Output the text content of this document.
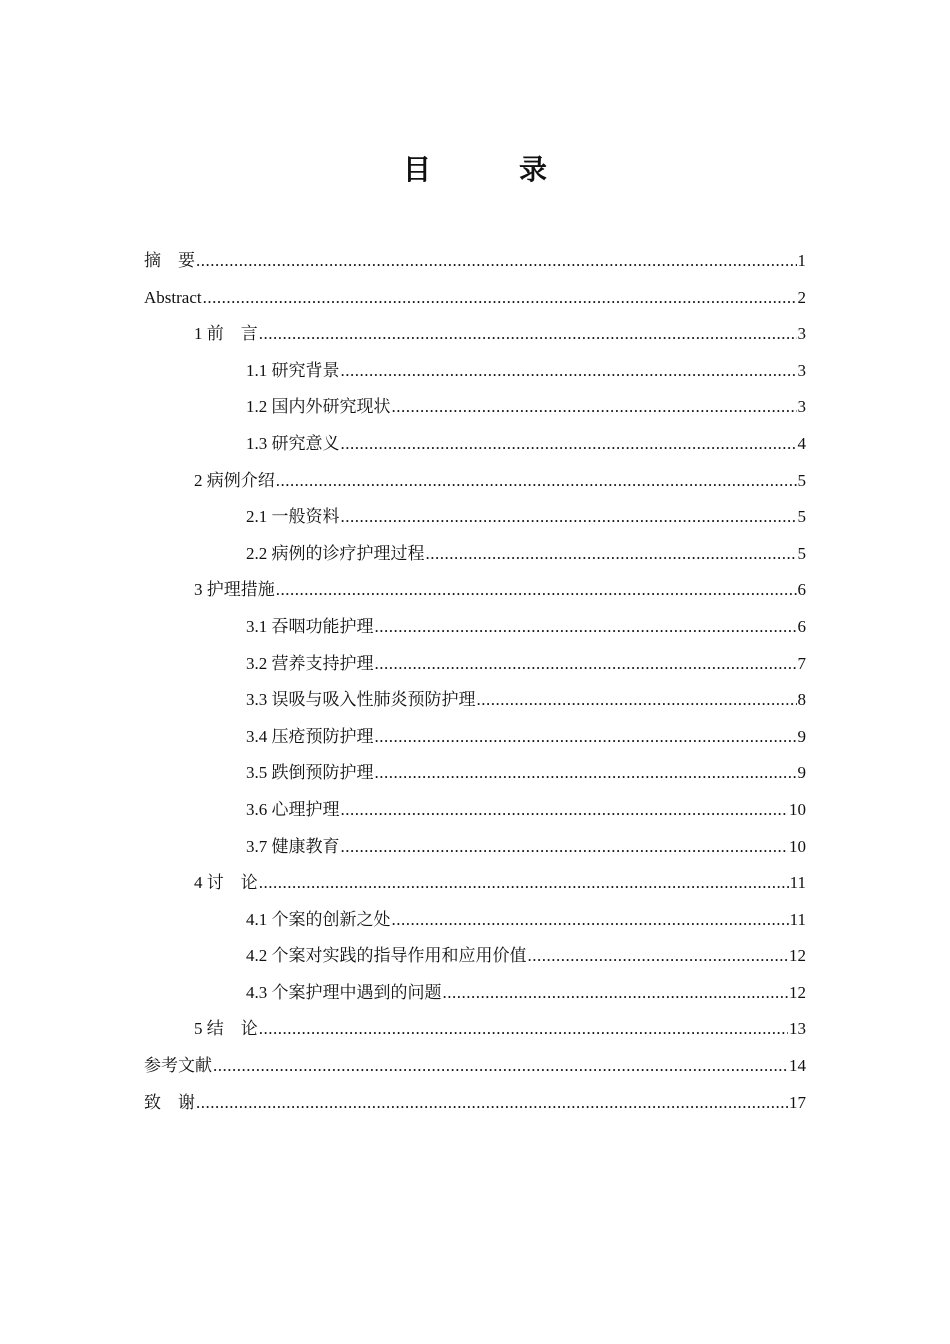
目　录
摘　要 .....	1
Abstract .....	2
1 前　言 .....	3
1.1 研究背景 .....	3
1.2 国内外研究现状 .....	3
1.3 研究意义 .....	4
2 病例介绍 .....	5
2.1 一般资料 .....	5
2.2 病例的诊疗护理过程 .....	5
3 护理措施 .....	6
3.1 吞咽功能护理 .....	6
3.2 营养支持护理 .....	7
3.3 误吸与吸入性肺炎预防护理 .....	8
3.4 压疮预防护理 .....	9
3.5 跌倒预防护理 .....	9
3.6 心理护理 .....	10
3.7 健康教育 .....	10
4 讨　论 .....	11
4.1 个案的创新之处 .....	11
4.2 个案对实践的指导作用和应用价值 .....	12
4.3 个案护理中遇到的问题 .....	12
5 结　论 .....	13
参考文献 .....	14
致　谢 .....	17
